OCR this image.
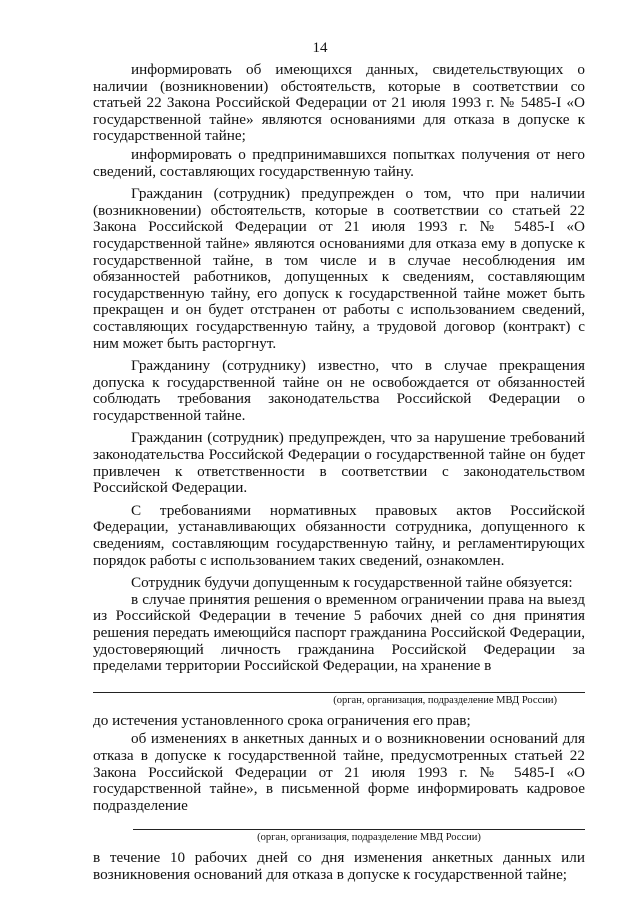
14

информировать об имеющихся данных, свидетельствующих о наличии (возникновении) обстоятельств, которые в соответствии со статьей 22 Закона Российской Федерации от 21 июля 1993 г. № 5485-I «О государственной тайне» являются основаниями для отказа в допуске к государственной тайне;

информировать о предпринимавшихся попытках получения от него сведений, составляющих государственную тайну.

Гражданин (сотрудник) предупрежден о том, что при наличии (возникновении) обстоятельств, которые в соответствии со статьей 22 Закона Российской Федерации от 21 июля 1993 г. № 5485-I «О государственной тайне» являются основаниями для отказа ему в допуске к государственной тайне, в том числе и в случае несоблюдения им обязанностей работников, допущенных к сведениям, составляющим государственную тайну, его допуск к государственной тайне может быть прекращен и он будет отстранен от работы с использованием сведений, составляющих государственную тайну, а трудовой договор (контракт) с ним может быть расторгнут.

Гражданину (сотруднику) известно, что в случае прекращения допуска к государственной тайне он не освобождается от обязанностей соблюдать требования законодательства Российской Федерации о государственной тайне.

Гражданин (сотрудник) предупрежден, что за нарушение требований законодательства Российской Федерации о государственной тайне он будет привлечен к ответственности в соответствии с законодательством Российской Федерации.

С требованиями нормативных правовых актов Российской Федерации, устанавливающих обязанности сотрудника, допущенного к сведениям, составляющим государственную тайну, и регламентирующих порядок работы с использованием таких сведений, ознакомлен.

Сотрудник будучи допущенным к государственной тайне обязуется:

в случае принятия решения о временном ограничении права на выезд из Российской Федерации в течение 5 рабочих дней со дня принятия решения передать имеющийся паспорт гражданина Российской Федерации, удостоверяющий личность гражданина Российской Федерации за пределами территории Российской Федерации, на хранение в

(орган, организация, подразделение МВД России)

до истечения установленного срока ограничения его прав;

об изменениях в анкетных данных и о возникновении оснований для отказа в допуске к государственной тайне, предусмотренных статьей 22 Закона Российской Федерации от 21 июля 1993 г. № 5485-I «О государственной тайне», в письменной форме информировать кадровое подразделение

(орган, организация, подразделение МВД России)

в течение 10 рабочих дней со дня изменения анкетных данных или возникновения оснований для отказа в допуске к государственной тайне;
